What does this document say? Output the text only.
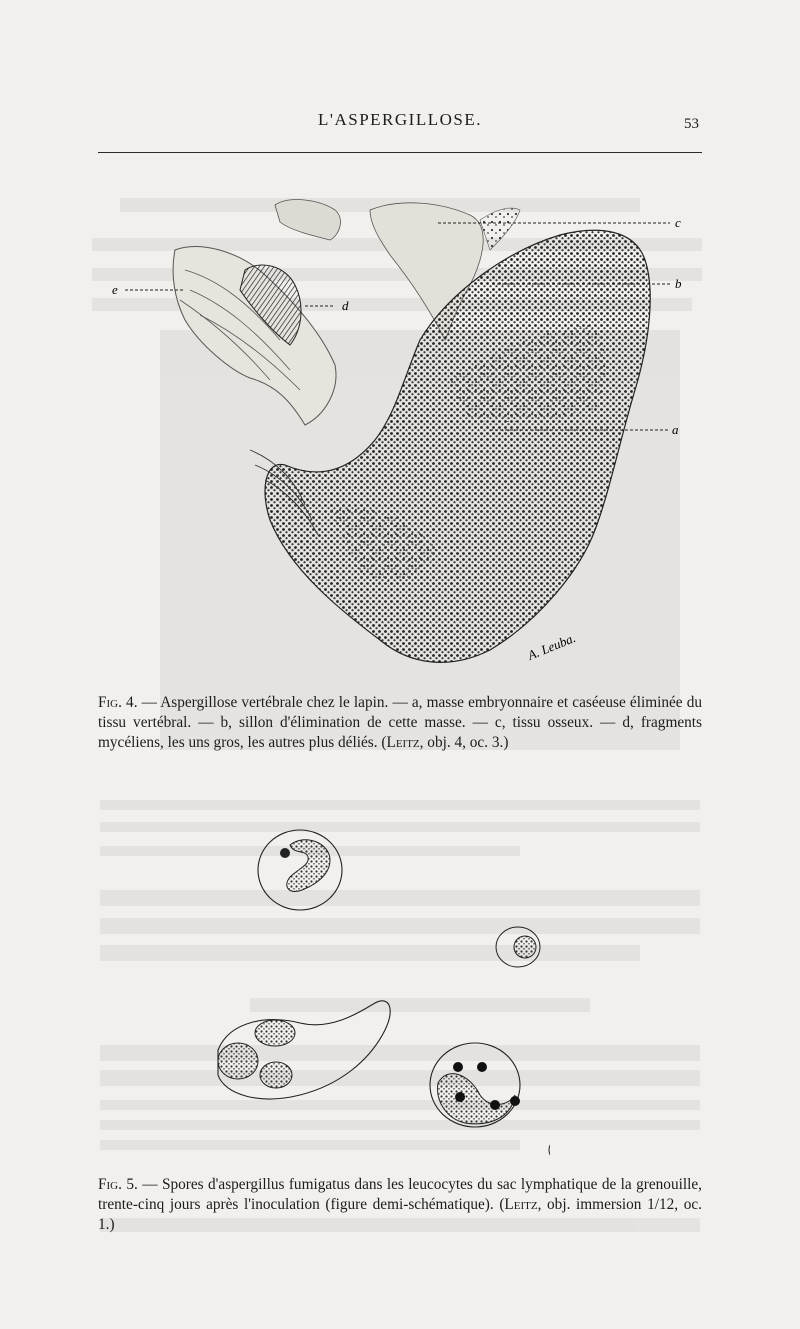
L'ASPERGILLOSE.	53
c
b
a
d
e
A. Leuba.
Fig. 4. — Aspergillose vertébrale chez le lapin. — a, masse embryonnaire et caséeuse éliminée du tissu vertébral. — b, sillon d'élimination de cette masse. — c, tissu osseux. — d, fragments mycéliens, les uns gros, les autres plus déliés. (Leitz, obj. 4, oc. 3.)
Fig. 5. — Spores d'aspergillus fumigatus dans les leucocytes du sac lymphatique de la grenouille, trente-cinq jours après l'inoculation (figure demi-schématique). (Leitz, obj. immersion 1/12, oc. 1.)
